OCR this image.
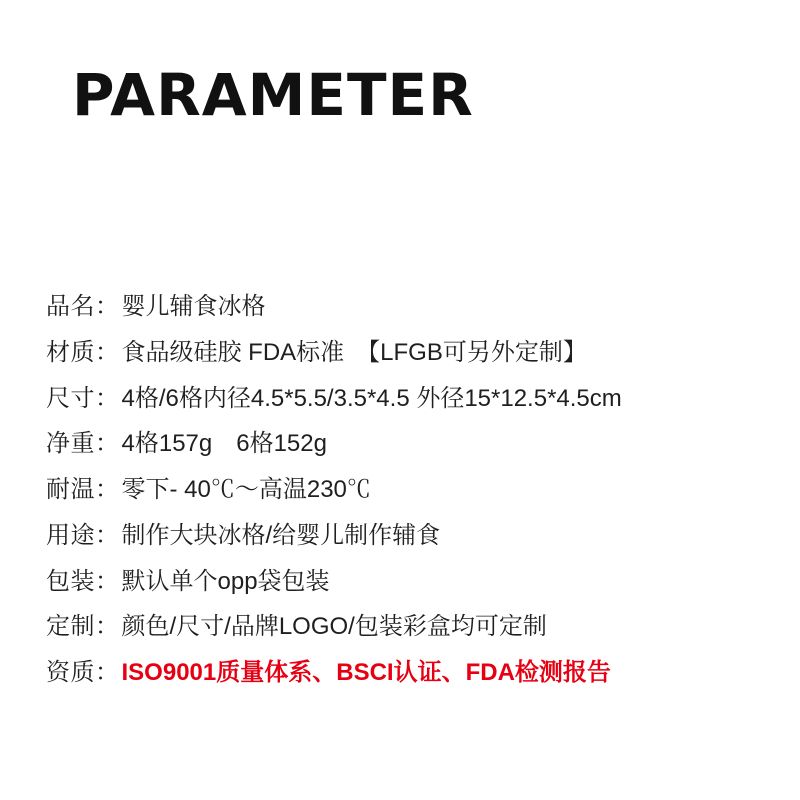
PARAMETER
品名： 婴儿辅食冰格
材质： 食品级硅胶 FDA标准　【LFGB可另外定制】
尺寸： 4格/6格内径4.5*5.5/3.5*4.5 外径15*12.5*4.5cm
净重： 4格157g　6格152g
耐温： 零下- 40℃～高温230℃
用途： 制作大块冰格/给婴儿制作辅食
包装： 默认单个opp袋包装
定制： 颜色/尺寸/品牌LOGO/包装彩盒均可定制
资质： ISO9001质量体系、BSCI认证、FDA检测报告
